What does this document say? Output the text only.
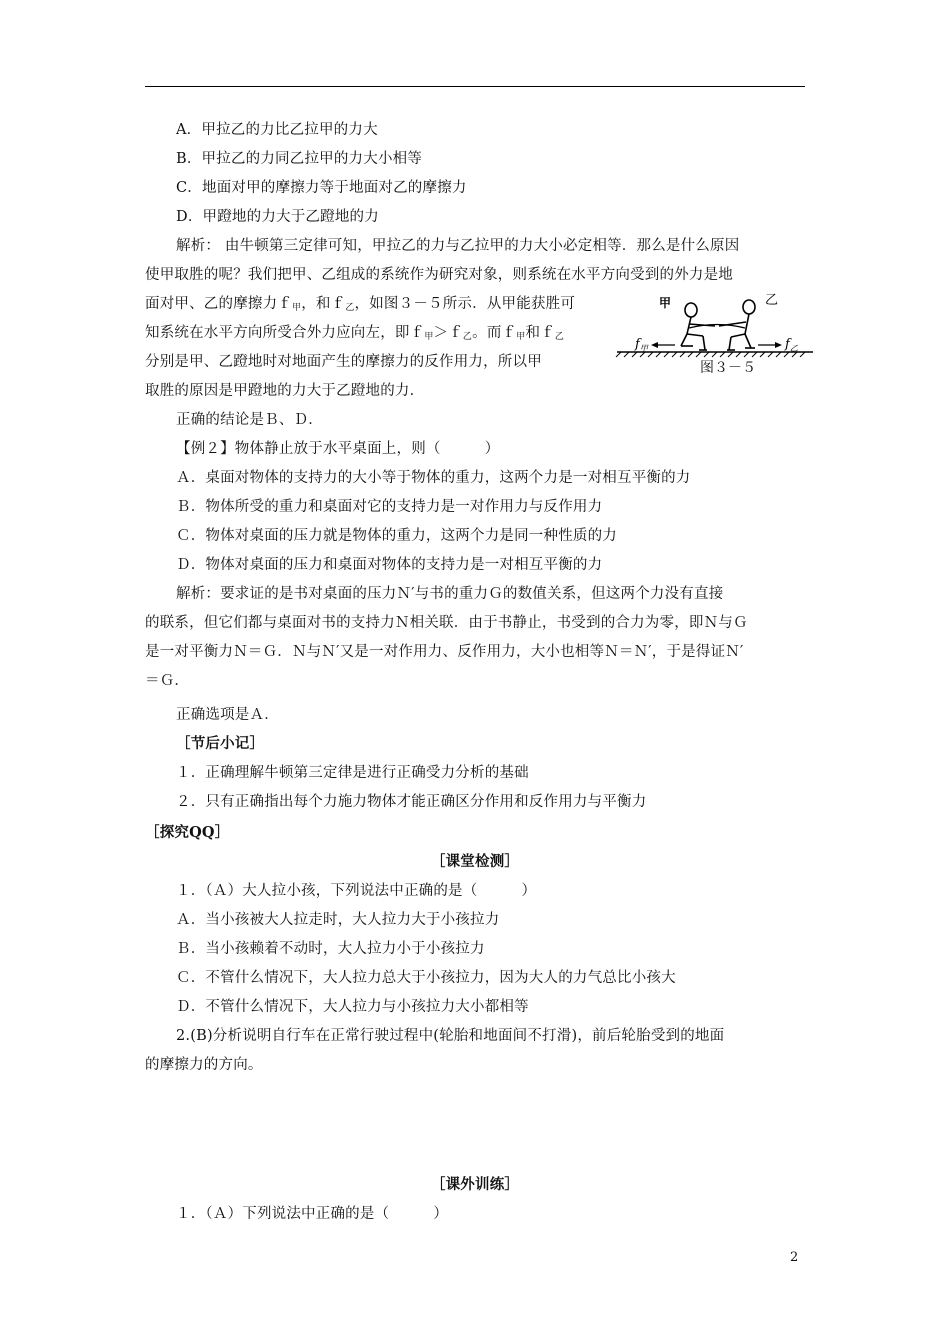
A．甲拉乙的力比乙拉甲的力大
B．甲拉乙的力同乙拉甲的力大小相等
C．地面对甲的摩擦力等于地面对乙的摩擦力
D．甲蹬地的力大于乙蹬地的力
解析： 由牛顿第三定律可知，甲拉乙的力与乙拉甲的力大小必定相等．那么是什么原因
使甲取胜的呢？我们把甲、乙组成的系统作为研究对象，则系统在水平方向受到的外力是地
面对甲、乙的摩擦力ｆ$_甲$，和ｆ$_乙$，如图３－５所示．从甲能获胜可
知系统在水平方向所受合外力应向左，即ｆ$_甲$＞ｆ$_乙$。而ｆ$_甲$和ｆ$_乙$
分别是甲、乙蹬地时对地面产生的摩擦力的反作用力，所以甲
取胜的原因是甲蹬地的力大于乙蹬地的力．
正确的结论是Ｂ、Ｄ．
甲	乙
$f_甲$	$f_乙$
图３－５
【例２】物体静止放于水平桌面上，则（　　　）
Ａ．桌面对物体的支持力的大小等于物体的重力，这两个力是一对相互平衡的力
Ｂ．物体所受的重力和桌面对它的支持力是一对作用力与反作用力
Ｃ．物体对桌面的压力就是物体的重力，这两个力是同一种性质的力
Ｄ．物体对桌面的压力和桌面对物体的支持力是一对相互平衡的力
解析：要求证的是书对桌面的压力Ｎ′与书的重力Ｇ的数值关系，但这两个力没有直接
的联系，但它们都与桌面对书的支持力Ｎ相关联．由于书静止，书受到的合力为零，即Ｎ与Ｇ
是一对平衡力Ｎ＝Ｇ．Ｎ与Ｎ′又是一对作用力、反作用力，大小也相等Ｎ＝Ｎ′，于是得证Ｎ′
＝Ｇ．
正确选项是Ａ．
［节后小记］
１．正确理解牛顿第三定律是进行正确受力分析的基础
２．只有正确指出每个力施力物体才能正确区分作用和反作用力与平衡力
［探究QQ］
［课堂检测］
１．（Ａ）大人拉小孩，下列说法中正确的是（　　　）
Ａ．当小孩被大人拉走时，大人拉力大于小孩拉力
Ｂ．当小孩赖着不动时，大人拉力小于小孩拉力
Ｃ．不管什么情况下，大人拉力总大于小孩拉力，因为大人的力气总比小孩大
Ｄ．不管什么情况下，大人拉力与小孩拉力大小都相等
2.(B)分析说明自行车在正常行驶过程中(轮胎和地面间不打滑)，前后轮胎受到的地面
的摩擦力的方向。
［课外训练］
１．（Ａ）下列说法中正确的是（　　　）
2
